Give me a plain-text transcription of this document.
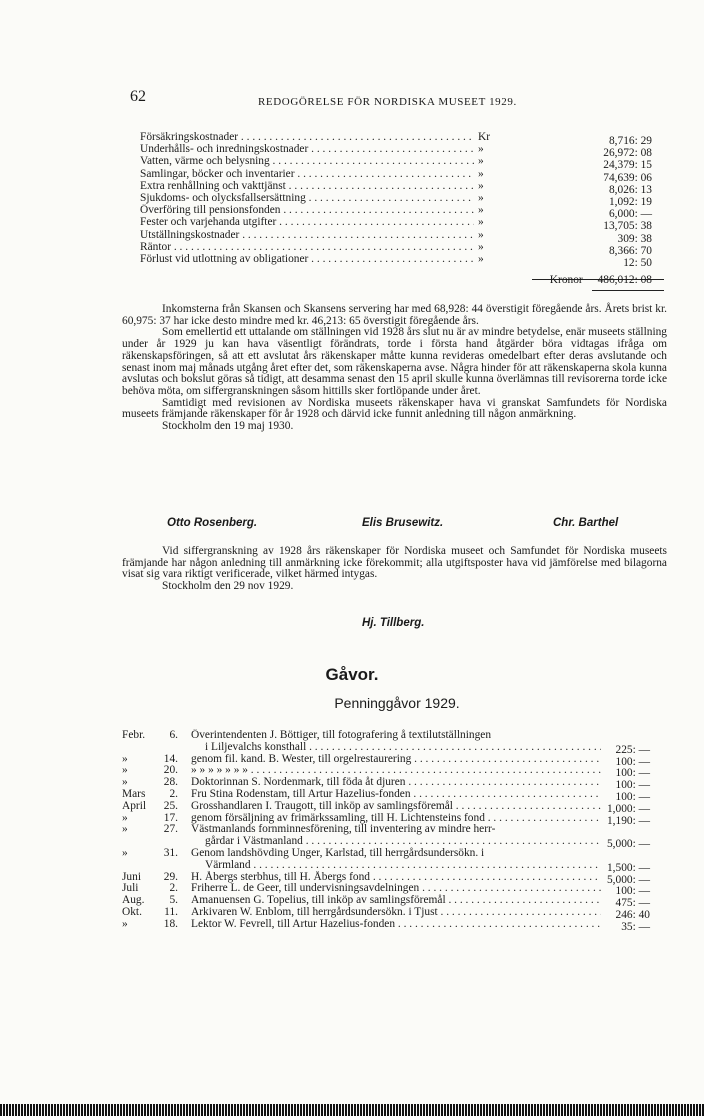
62	REDOGÖRELSE FÖR NORDISKA MUSEET 1929.
Försäkringskostnader . . .	Kr	8,716: 29
Underhålls- och inredningskostnader . . .	»	26,972: 08
Vatten, värme och belysning . . .	»	24,379: 15
Samlingar, böcker och inventarier . . .	»	74,639: 06
Extra renhållning och vakttjänst . . .	»	8,026: 13
Sjukdoms- och olycksfallsersättning . . .	»	1,092: 19
Överföring till pensionsfonden . . .	»	6,000: —
Fester och varjehanda utgifter . . .	»	13,705: 38
Utställningskostnader . . .	»	309: 38
Räntor . . .	»	8,366: 70
Förlust vid utlottning av obligationer . . .	»	12: 50
Kronor 486,012: 08

Inkomsterna från Skansen och Skansens servering har med 68,928: 44 överstigit föregående års. Årets brist kr. 60,975: 37 har icke desto mindre med kr. 46,213: 65 överstigit föregående års.

Som emellertid ett uttalande om ställningen vid 1928 års slut nu är av mindre betydelse, enär museets ställning under år 1929 ju kan hava väsentligt förändrats, torde i första hand åtgärder böra vidtagas ifråga om räkenskapsföringen, så att ett avslutat års räkenskaper måtte kunna revideras omedelbart efter deras avslutande och senast inom maj månads utgång året efter det, som räkenskaperna avse. Några hinder för att räkenskaperna skola kunna avslutas och bokslut göras så tidigt, att desamma senast den 15 april skulle kunna överlämnas till revisorerna torde icke behöva möta, om siffergranskningen såsom hittills sker fortlöpande under året.

Samtidigt med revisionen av Nordiska museets räkenskaper hava vi granskat Samfundets för Nordiska museets främjande räkenskaper för år 1928 och därvid icke funnit anledning till någon anmärkning.

Stockholm den 19 maj 1930.

Otto Rosenberg.	Elis Brusewitz.	Chr. Barthel

Vid siffergranskning av 1928 års räkenskaper för Nordiska museet och Samfundet för Nordiska museets främjande har någon anledning till anmärkning icke förekommit; alla utgiftsposter hava vid jämförelse med bilagorna visat sig vara riktigt verificerade, vilket härmed intygas.

Stockholm den 29 nov 1929.

Hj. Tillberg.
Gåvor.
Penninggåvor 1929.
Febr.	6. Överintendenten J. Böttiger, till fotografering å textilutställningen
i Liljevalchs konsthall . . .	225: —
»	14. genom fil. kand. B. Wester, till orgelrestaurering . . .	100: —
»	20. » » » » » » » . . .	100: —
»	28. Doktorinnan S. Nordenmark, till föda åt djuren . . .	100: —
Mars	2. Fru Stina Rodenstam, till Artur Hazelius-fonden . . .	100: —
April	25. Grosshandlaren I. Traugott, till inköp av samlingsföremål . . .	1,000: —
»	17. genom försäljning av frimärkssamling, till H. Lichtensteins fond . . .	1,190: —
»	27. Västmanlands fornminnesförening, till inventering av mindre herr-
gårdar i Västmanland . . .	5,000: —
»	31. Genom landshövding Unger, Karlstad, till herrgårdsundersökn. i
Värmland . . .	1,500: —
Juni	29. H. Åbergs sterbhus, till H. Åbergs fond . . .	5,000: —
Juli	2. Friherre L. de Geer, till undervisningsavdelningen . . .	100: —
Aug.	5. Amanuensen G. Topelius, till inköp av samlingsföremål . . .	475: —
Okt.	11. Arkivaren W. Enblom, till herrgårdsundersökn. i Tjust . . .	246: 40
»	18. Lektor W. Fevrell, till Artur Hazelius-fonden . . .	35: —
